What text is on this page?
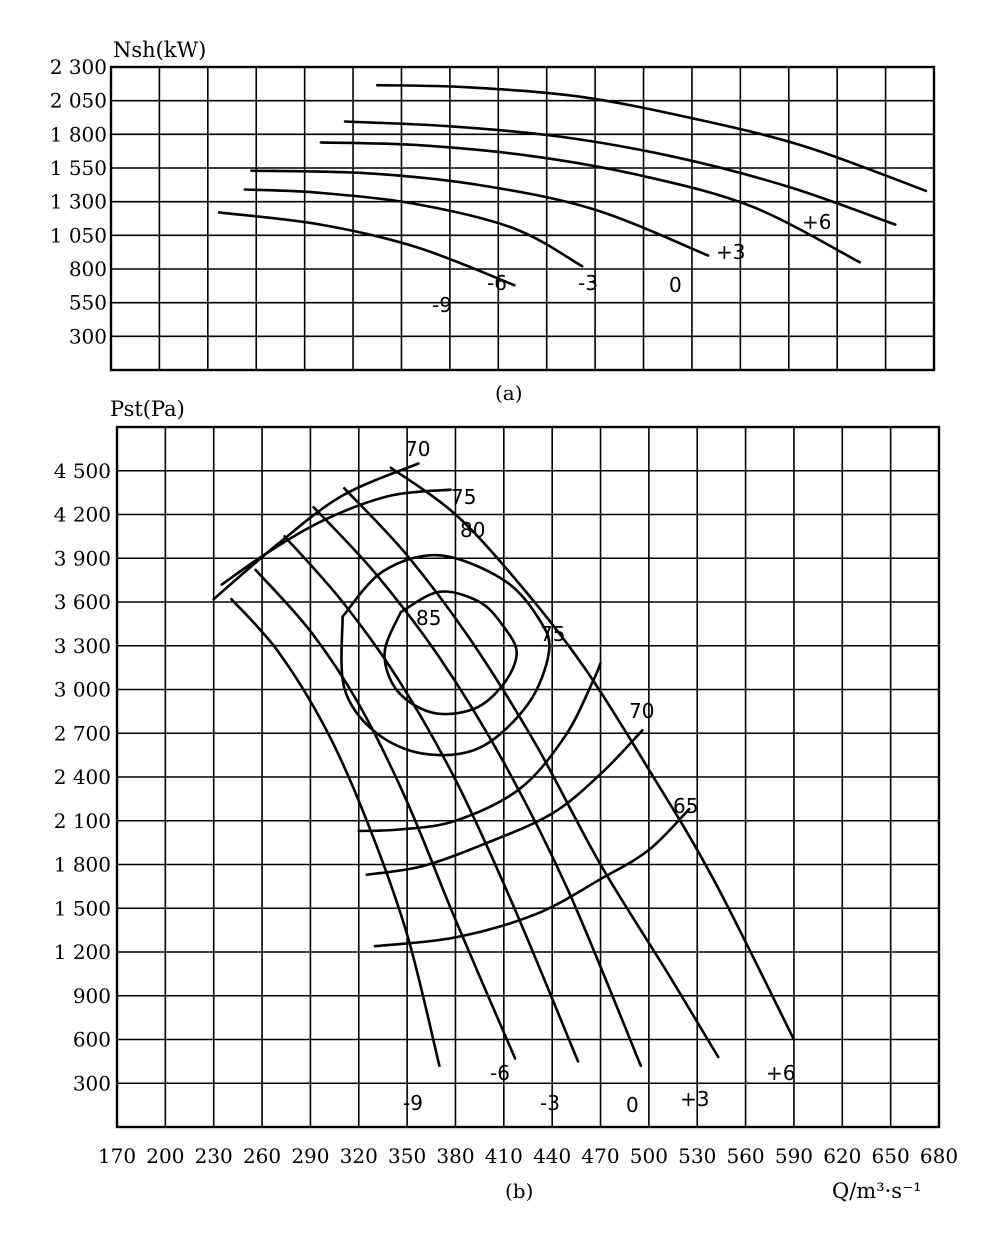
2 300
2 050
1 800
1 550
1 300
1 050
800
550
300
Nsh(kW)
-9
-6	-3	0
+3
+6
(a)
4 500
4 200
3 900
3 600
3 300
3 000
2 700
2 400
2 100
1 800
1 500
1 200
900
600
300
170 200 230 260 290 320 350 380 410 440 470 500 530 560 590 620 650 680
Pst(Pa)
Q/m³·s⁻¹
-9
-6
-3	0 +3
+6
70
75
80
85
75
70
65
(b)
